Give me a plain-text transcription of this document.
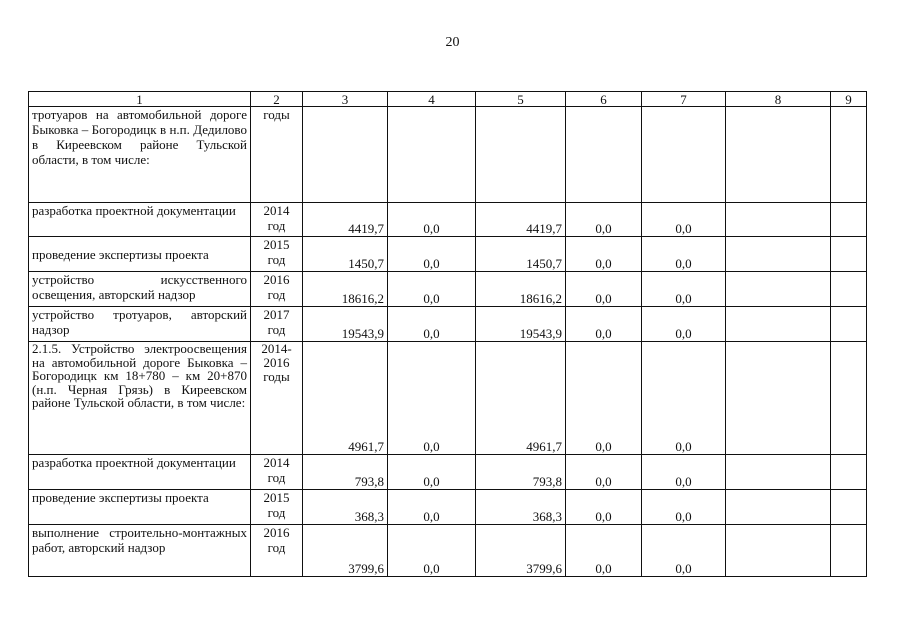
20
1	2	3	4	5	6	7	8	9
тротуаров на автомобильной дороге Быковка – Богородицк в н.п. Дедилово в Киреевском районе Тульской области, в том числе:	годы							
разработка проектной документации	2014 год	4419,7	0,0	4419,7	0,0	0,0		
проведение экспертизы проекта	2015 год	1450,7	0,0	1450,7	0,0	0,0		
устройство искусственного освещения, авторский надзор	2016 год	18616,2	0,0	18616,2	0,0	0,0		
устройство тротуаров, авторский надзор	2017 год	19543,9	0,0	19543,9	0,0	0,0		
2.1.5. Устройство электроосвещения на автомобильной дороге Быковка – Богородицк км 18+780 – км 20+870 (н.п. Черная Грязь) в Киреевском районе Тульской области, в том числе:	2014-2016 годы	4961,7	0,0	4961,7	0,0	0,0		
разработка проектной документации	2014 год	793,8	0,0	793,8	0,0	0,0		
проведение экспертизы проекта	2015 год	368,3	0,0	368,3	0,0	0,0		
выполнение строительно-монтажных работ, авторский надзор	2016 год	3799,6	0,0	3799,6	0,0	0,0		
